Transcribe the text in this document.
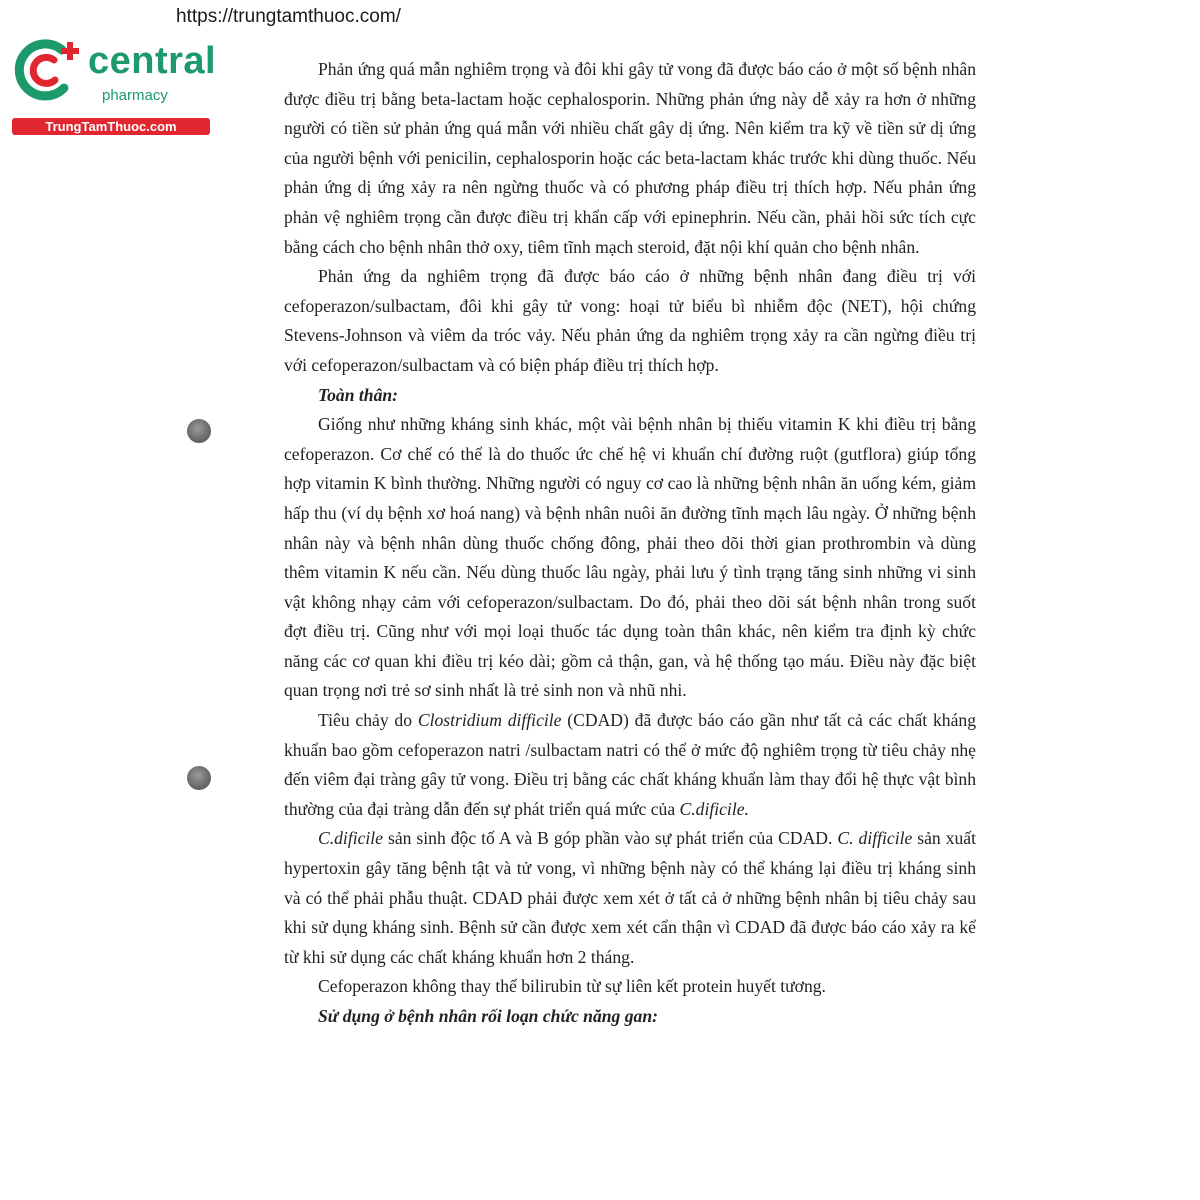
https://trungtamthuoc.com/
central
pharmacy
TrungTamThuoc.com

Phản ứng quá mẫn nghiêm trọng và đôi khi gây tử vong đã được báo cáo ở một số bệnh nhân được điều trị bằng beta-lactam hoặc cephalosporin. Những phản ứng này dễ xảy ra hơn ở những người có tiền sử phản ứng quá mẫn với nhiều chất gây dị ứng. Nên kiểm tra kỹ về tiền sử dị ứng của người bệnh với penicilin, cephalosporin hoặc các beta-lactam khác trước khi dùng thuốc. Nếu phản ứng dị ứng xảy ra nên ngừng thuốc và có phương pháp điều trị thích hợp. Nếu phản ứng phản vệ nghiêm trọng cần được điều trị khẩn cấp với epinephrin. Nếu cần, phải hồi sức tích cực bằng cách cho bệnh nhân thở oxy, tiêm tĩnh mạch steroid, đặt nội khí quản cho bệnh nhân.

Phản ứng da nghiêm trọng đã được báo cáo ở những bệnh nhân đang điều trị với cefoperazon/sulbactam, đôi khi gây tử vong: hoại tử biểu bì nhiễm độc (NET), hội chứng Stevens-Johnson và viêm da tróc vảy. Nếu phản ứng da nghiêm trọng xảy ra cần ngừng điều trị với cefoperazon/sulbactam và có biện pháp điều trị thích hợp.

Toàn thân:

Giống như những kháng sinh khác, một vài bệnh nhân bị thiếu vitamin K khi điều trị bằng cefoperazon. Cơ chế có thể là do thuốc ức chế hệ vi khuẩn chí đường ruột (gutflora) giúp tổng hợp vitamin K bình thường. Những người có nguy cơ cao là những bệnh nhân ăn uống kém, giảm hấp thu (ví dụ bệnh xơ hoá nang) và bệnh nhân nuôi ăn đường tĩnh mạch lâu ngày. Ở những bệnh nhân này và bệnh nhân dùng thuốc chống đông, phải theo dõi thời gian prothrombin và dùng thêm vitamin K nếu cần. Nếu dùng thuốc lâu ngày, phải lưu ý tình trạng tăng sinh những vi sinh vật không nhạy cảm với cefoperazon/sulbactam. Do đó, phải theo dõi sát bệnh nhân trong suốt đợt điều trị. Cũng như với mọi loại thuốc tác dụng toàn thân khác, nên kiểm tra định kỳ chức năng các cơ quan khi điều trị kéo dài; gồm cả thận, gan, và hệ thống tạo máu. Điều này đặc biệt quan trọng nơi trẻ sơ sinh nhất là trẻ sinh non và nhũ nhi.

Tiêu chảy do Clostridium difficile (CDAD) đã được báo cáo gần như tất cả các chất kháng khuẩn bao gồm cefoperazon natri /sulbactam natri có thể ở mức độ nghiêm trọng từ tiêu chảy nhẹ đến viêm đại tràng gây tử vong. Điều trị bằng các chất kháng khuẩn làm thay đổi hệ thực vật bình thường của đại tràng dẫn đến sự phát triển quá mức của C.dificile.

C.dificile sản sinh độc tố A và B góp phần vào sự phát triển của CDAD. C. difficile sản xuất hypertoxin gây tăng bệnh tật và tử vong, vì những bệnh này có thể kháng lại điều trị kháng sinh và có thể phải phẫu thuật. CDAD phải được xem xét ở tất cả ở những bệnh nhân bị tiêu chảy sau khi sử dụng kháng sinh. Bệnh sử cần được xem xét cẩn thận vì CDAD đã được báo cáo xảy ra kể từ khi sử dụng các chất kháng khuẩn hơn 2 tháng.

Cefoperazon không thay thế bilirubin từ sự liên kết protein huyết tương.

Sử dụng ở bệnh nhân rối loạn chức năng gan:
